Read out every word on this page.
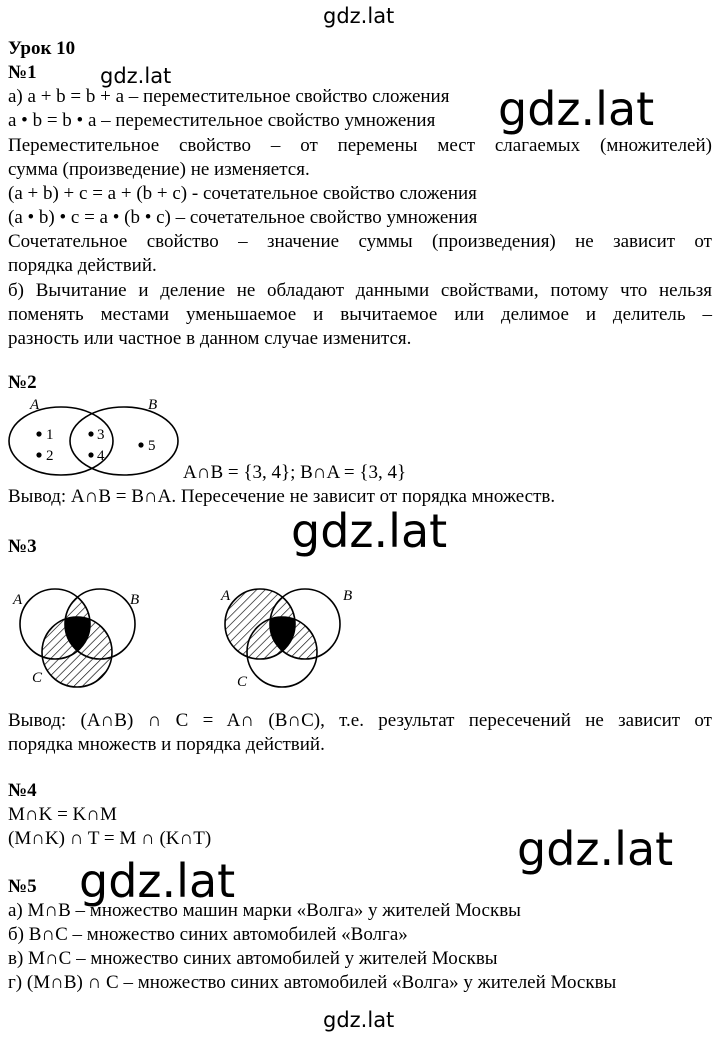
gdz.lat
gdz.lat
gdz.lat
gdz.lat
gdz.lat
gdz.lat
gdz.lat
Урок 10
№1
а) a + b = b + a – переместительное свойство сложения
a • b = b • a – переместительное свойство умножения
Переместительное свойство – от перемены мест слагаемых (множителей)
сумма (произведение) не изменяется.
(a + b) + c = a + (b + c) - сочетательное свойство сложения
(a • b) • c = a • (b • c) – сочетательное свойство умножения
Сочетательное свойство – значение суммы (произведения) не зависит от
порядка действий.
б) Вычитание и деление не обладают данными свойствами, потому что нельзя
поменять местами уменьшаемое и вычитаемое или делимое и делитель –
разность или частное в данном случае изменится.
№2
A	B
1
2
3
4
5
A∩B = {3, 4}; B∩A = {3, 4}
Вывод: A∩B = B∩A. Пересечение не зависит от порядка множеств.
№3
A	B
C
A	B
C
Вывод: (A∩B) ∩ C = A∩ (B∩C), т.е. результат пересечений не зависит от
порядка множеств и порядка действий.
№4
M∩K = K∩M
(M∩K) ∩ T = M ∩ (K∩T)
№5
а) M∩B – множество машин марки «Волга» у жителей Москвы
б) B∩C – множество синих автомобилей «Волга»
в) M∩C – множество синих автомобилей у жителей Москвы
г) (M∩B) ∩ C – множество синих автомобилей «Волга» у жителей Москвы
